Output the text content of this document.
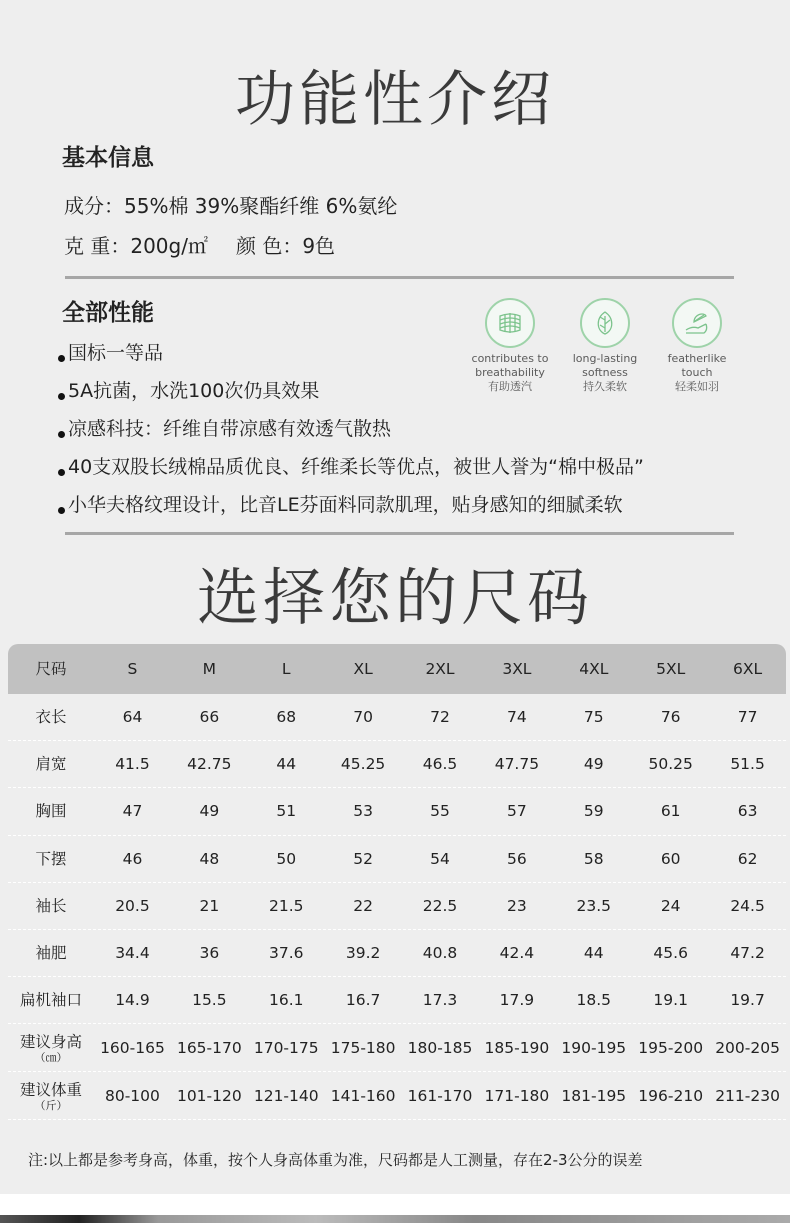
功能性介绍
基本信息
成分：55%棉 39%聚酯纤维 6%氨纶
克 重：200g/㎡ 颜 色：9色
全部性能
国标一等品
5A抗菌，水洗100次仍具效果
凉感科技：纤维自带凉感有效透气散热
40支双股长绒棉品质优良、纤维柔长等优点，被世人誉为“棉中极品”
小华夫格纹理设计，比音LE芬面料同款肌理，贴身感知的细腻柔软
contributes to
breathability
有助透汽
long-lasting
softness
持久柔软
featherlike
touch
轻柔如羽
选择您的尺码
尺码	S	M	L	XL	2XL	3XL	4XL	5XL	6XL
衣长	64	66	68	70	72	74	75	76	77
肩宽	41.5	42.75	44	45.25	46.5	47.75	49	50.25	51.5
胸围	47	49	51	53	55	57	59	61	63
下摆	46	48	50	52	54	56	58	60	62
袖长	20.5	21	21.5	22	22.5	23	23.5	24	24.5
袖肥	34.4	36	37.6	39.2	40.8	42.4	44	45.6	47.2
扁机袖口	14.9	15.5	16.1	16.7	17.3	17.9	18.5	19.1	19.7
建议身高
（㎝）
160-165 165-170 170-175 175-180 180-185 185-190 190-195 195-200 200-205
建议体重
（斤）
80-100	101-120 121-140 141-160 161-170 171-180 181-195 196-210 211-230
注:以上都是参考身高，体重，按个人身高体重为准，尺码都是人工测量，存在2-3公分的误差
